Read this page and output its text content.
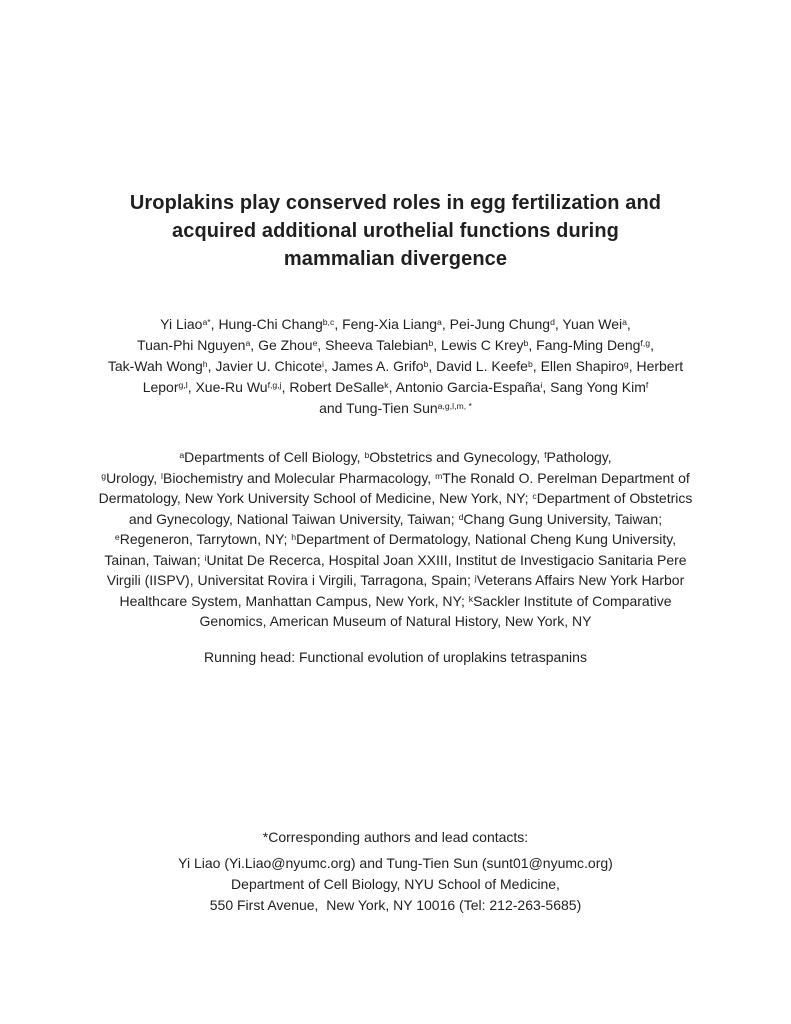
Uroplakins play conserved roles in egg fertilization and
acquired additional urothelial functions during
mammalian divergence
Yi Liao$^{a*}$, Hung-Chi Chang$^{b,c}$, Feng-Xia Liang$^a$, Pei-Jung Chung$^d$, Yuan Wei$^a$,
Tuan-Phi Nguyen$^a$, Ge Zhou$^e$, Sheeva Talebian$^b$, Lewis C Krey$^b$, Fang-Ming Deng$^{f,g}$,
Tak-Wah Wong$^h$, Javier U. Chicote$^i$, James A. Grifo$^b$, David L. Keefe$^b$, Ellen Shapiro$^g$, Herbert
Lepor$^{g,l}$, Xue-Ru Wu$^{f,g,j}$, Robert DeSalle$^k$, Antonio Garcia-España$^i$, Sang Yong Kim$^f$
and Tung-Tien Sun$^{a,g,l,m, *}$
$^a$Departments of Cell Biology, $^b$Obstetrics and Gynecology, $^f$Pathology,
$^g$Urology, $^l$Biochemistry and Molecular Pharmacology, $^m$The Ronald O. Perelman Department of
Dermatology, New York University School of Medicine, New York, NY; $^c$Department of Obstetrics
and Gynecology, National Taiwan University, Taiwan; $^d$Chang Gung University, Taiwan;
$^e$Regeneron, Tarrytown, NY; $^h$Department of Dermatology, National Cheng Kung University,
Tainan, Taiwan; $^i$Unitat De Recerca, Hospital Joan XXIII, Institut de Investigacio Sanitaria Pere
Virgili (IISPV), Universitat Rovira i Virgili, Tarragona, Spain; $^j$Veterans Affairs New York Harbor
Healthcare System, Manhattan Campus, New York, NY; $^k$Sackler Institute of Comparative
Genomics, American Museum of Natural History, New York, NY
Running head: Functional evolution of uroplakins tetraspanins
*Corresponding authors and lead contacts:
Yi Liao (Yi.Liao@nyumc.org) and Tung-Tien Sun (sunt01@nyumc.org)
Department of Cell Biology, NYU School of Medicine,
550 First Avenue,  New York, NY 10016 (Tel: 212-263-5685)
